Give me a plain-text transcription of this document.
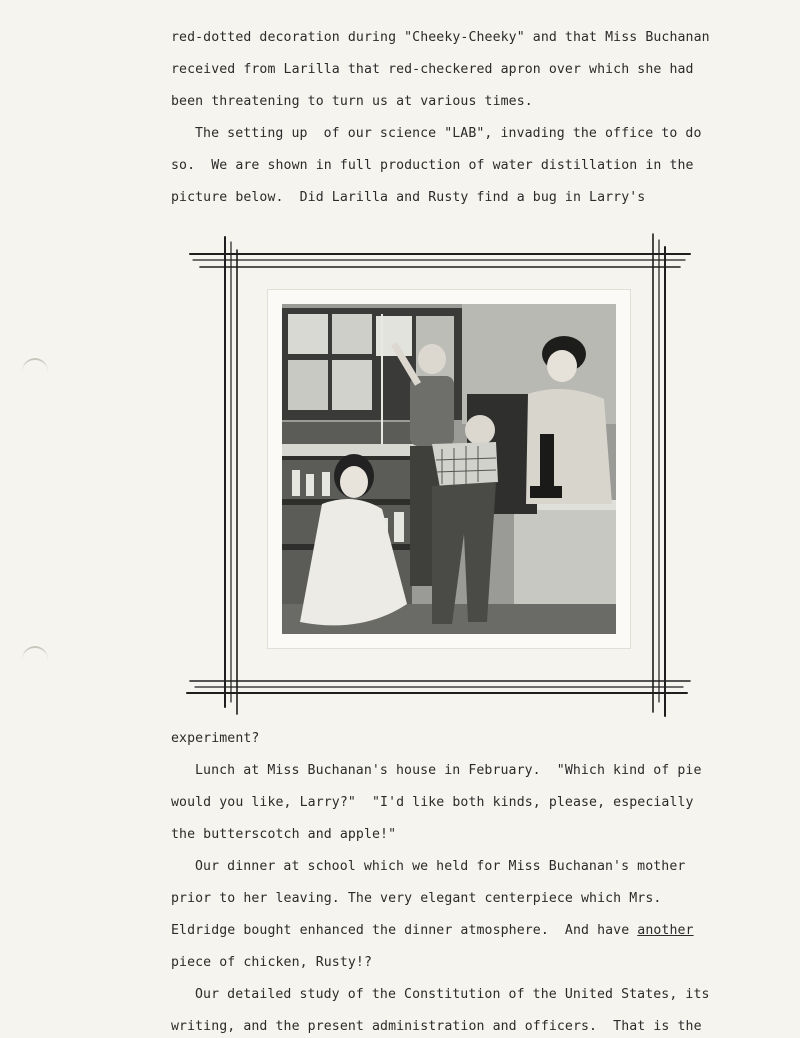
red-dotted decoration during "Cheeky-Cheeky" and that Miss Buchanan
received from Larilla that red-checkered apron over which she had
been threatening to turn us at various times.
The setting up  of our science "LAB", invading the office to do
so.  We are shown in full production of water distillation in the
picture below.  Did Larilla and Rusty find a bug in Larry's
experiment?
Lunch at Miss Buchanan's house in February.  "Which kind of pie
would you like, Larry?"  "I'd like both kinds, please, especially
the butterscotch and apple!"
Our dinner at school which we held for Miss Buchanan's mother
prior to her leaving. The very elegant centerpiece which Mrs.
Eldridge bought enhanced the dinner atmosphere.  And have another
piece of chicken, Rusty!?
Our detailed study of the Constitution of the United States, its
writing, and the present administration and officers.  That is the
